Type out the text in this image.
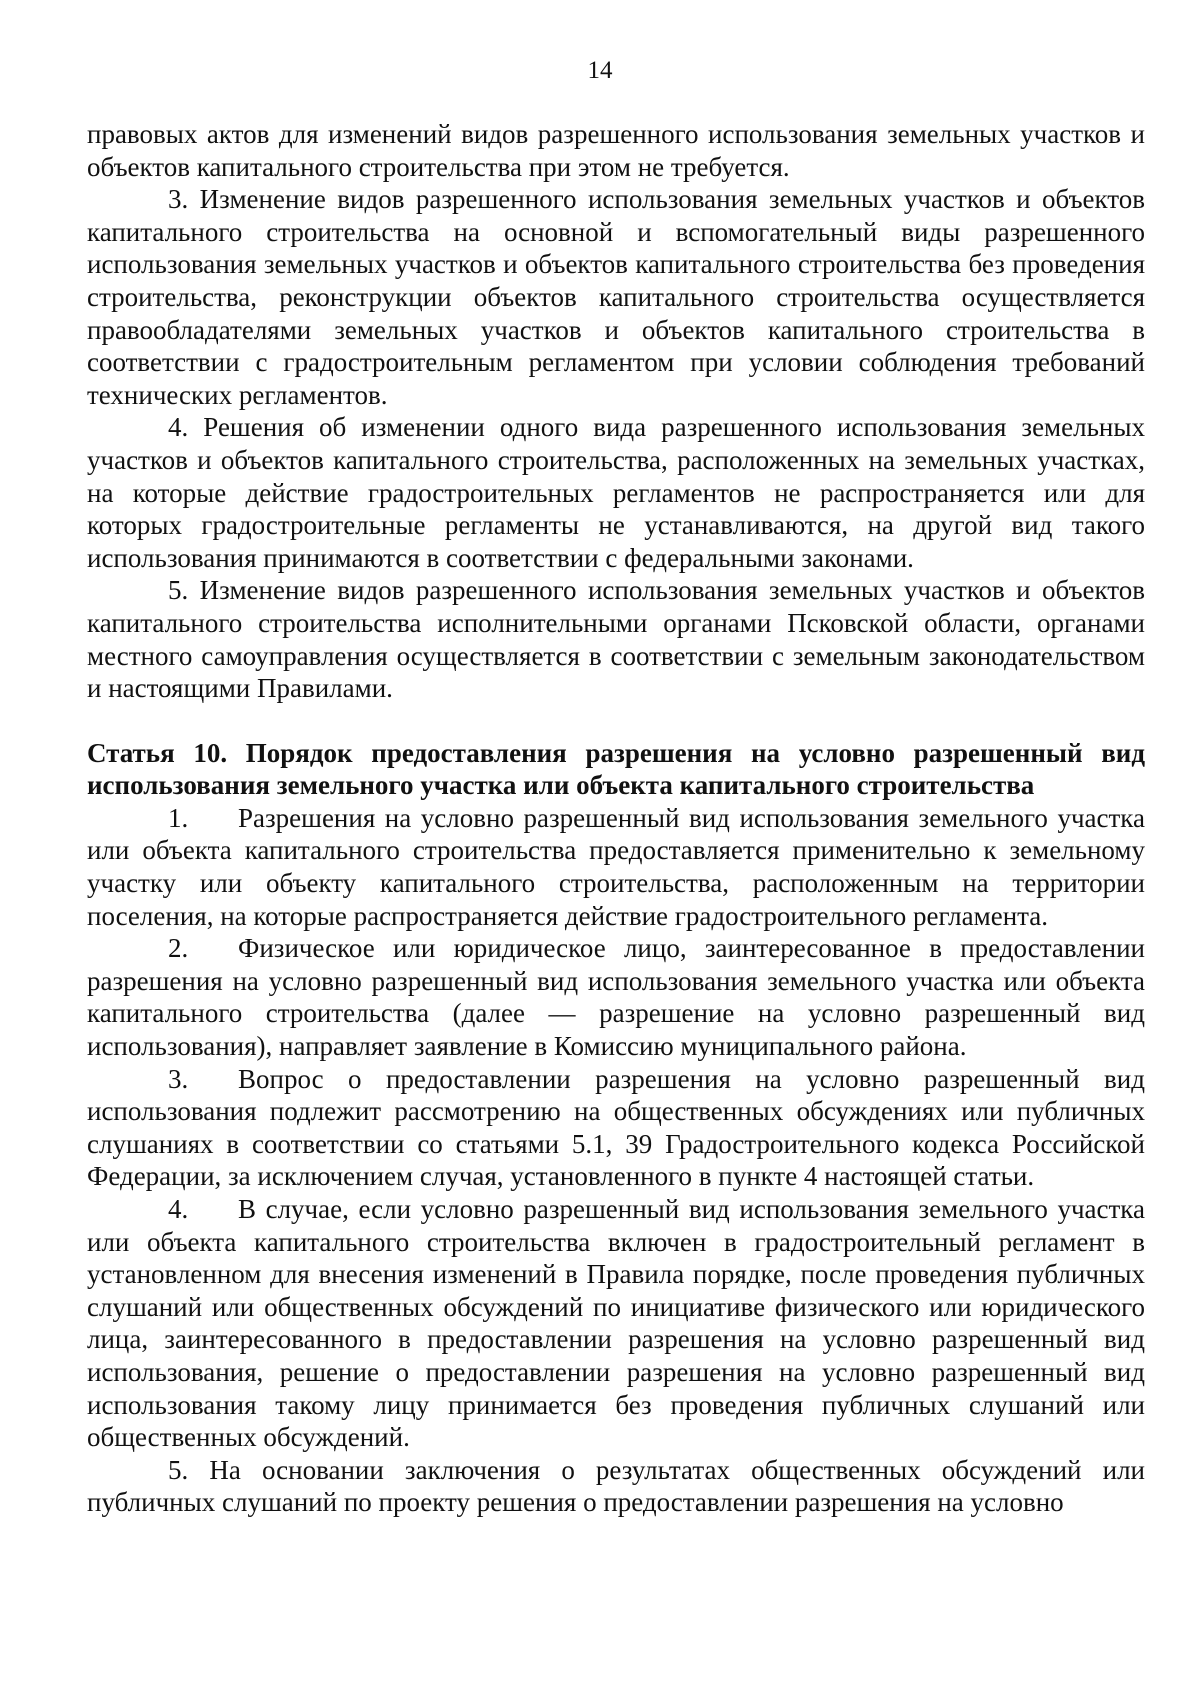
14

правовых актов для изменений видов разрешенного использования земельных участков и объектов капитального строительства при этом не требуется.

3. Изменение видов разрешенного использования земельных участков и объектов капитального строительства на основной и вспомогательный виды разрешенного использования земельных участков и объектов капитального строительства без проведения строительства, реконструкции объектов капитального строительства осуществляется правообладателями земельных участков и объектов капитального строительства в соответствии с градостроительным регламентом при условии соблюдения требований технических регламентов.

4. Решения об изменении одного вида разрешенного использования земельных участков и объектов капитального строительства, расположенных на земельных участках, на которые действие градостроительных регламентов не распространяется или для которых градостроительные регламенты не устанавливаются, на другой вид такого использования принимаются в соответствии с федеральными законами.

5. Изменение видов разрешенного использования земельных участков и объектов капитального строительства исполнительными органами Псковской области, органами местного самоуправления осуществляется в соответствии с земельным законодательством и настоящими Правилами.

Статья 10. Порядок предоставления разрешения на условно разрешенный вид использования земельного участка или объекта капитального строительства

1. Разрешения на условно разрешенный вид использования земельного участка или объекта капитального строительства предоставляется применительно к земельному участку или объекту капитального строительства, расположенным на территории поселения, на которые распространяется действие градостроительного регламента.

2. Физическое или юридическое лицо, заинтересованное в предоставлении разрешения на условно разрешенный вид использования земельного участка или объекта капитального строительства (далее — разрешение на условно разрешенный вид использования), направляет заявление в Комиссию муниципального района.

3. Вопрос о предоставлении разрешения на условно разрешенный вид использования подлежит рассмотрению на общественных обсуждениях или публичных слушаниях в соответствии со статьями 5.1, 39 Градостроительного кодекса Российской Федерации, за исключением случая, установленного в пункте 4 настоящей статьи.

4. В случае, если условно разрешенный вид использования земельного участка или объекта капитального строительства включен в градостроительный регламент в установленном для внесения изменений в Правила порядке, после проведения публичных слушаний или общественных обсуждений по инициативе физического или юридического лица, заинтересованного в предоставлении разрешения на условно разрешенный вид использования, решение о предоставлении разрешения на условно разрешенный вид использования такому лицу принимается без проведения публичных слушаний или общественных обсуждений.

5. На основании заключения о результатах общественных обсуждений или публичных слушаний по проекту решения о предоставлении разрешения на условно
